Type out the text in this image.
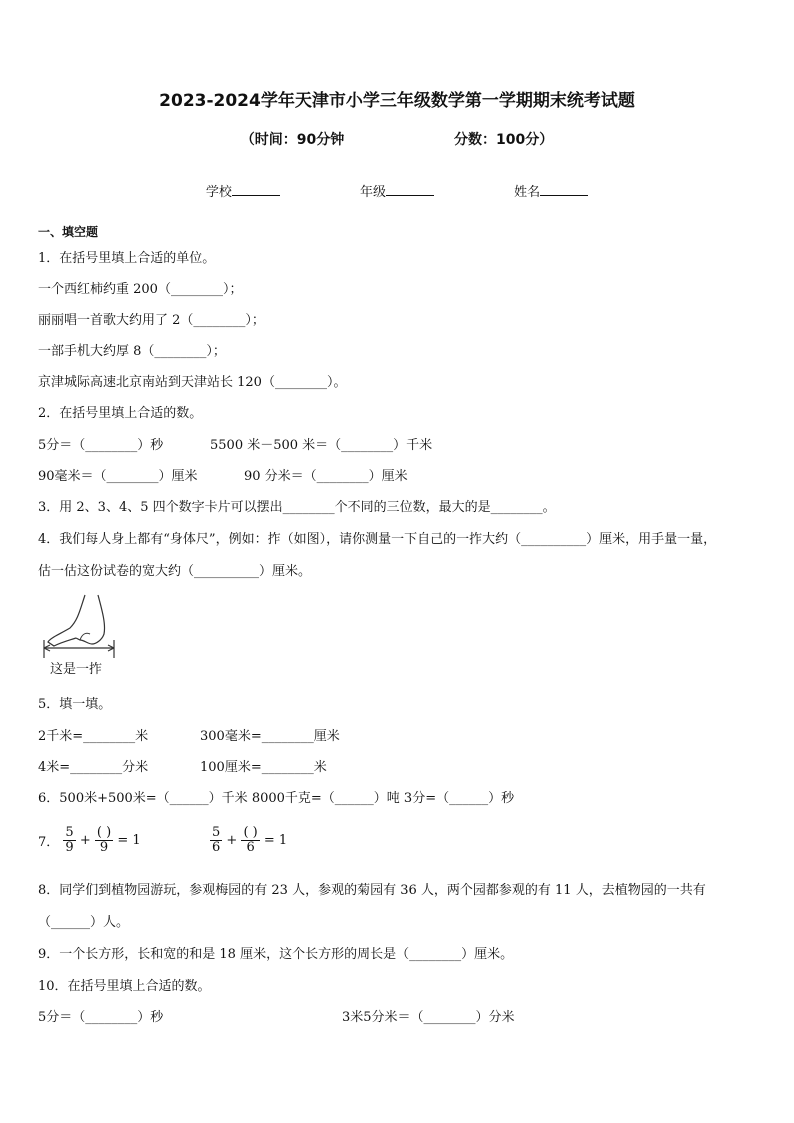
2023-2024学年天津市小学三年级数学第一学期期末统考试题
（时间：90分钟	分数：100分）
学校	年级	姓名
一、填空题
1．在括号里填上合适的单位。
一个西红柿约重 200（________）；
丽丽唱一首歌大约用了 2（________）；
一部手机大约厚 8（________）；
京津城际高速北京南站到天津站长 120（________）。
2．在括号里填上合适的数。
5分＝（________）秒	5500 米－500 米＝（________）千米
90毫米＝（________）厘米	90 分米＝（________）厘米
3．用 2、3、4、5 四个数字卡片可以摆出________个不同的三位数，最大的是________。
4．我们每人身上都有“身体尺”，例如：拃（如图），请你测量一下自己的一拃大约（__________）厘米，用手量一量，
估一估这份试卷的宽大约（__________）厘米。
这是一拃
5．填一填。
2千米=________米	300毫米=________厘米
4米=________分米	100厘米=________米
6．500米+500米=（______）千米 8000千克=（______）吨 3分=（______）秒
7． $\frac{5}{9} + \frac{( )}{9} = 1$	$\frac{5}{6} + \frac{( )}{6} = 1$
8．同学们到植物园游玩，参观梅园的有 23 人，参观的菊园有 36 人，两个园都参观的有 11 人，去植物园的一共有
（______）人。
9．一个长方形，长和宽的和是 18 厘米，这个长方形的周长是（________）厘米。
10．在括号里填上合适的数。
5分＝（________）秒	3米5分米＝（________）分米
